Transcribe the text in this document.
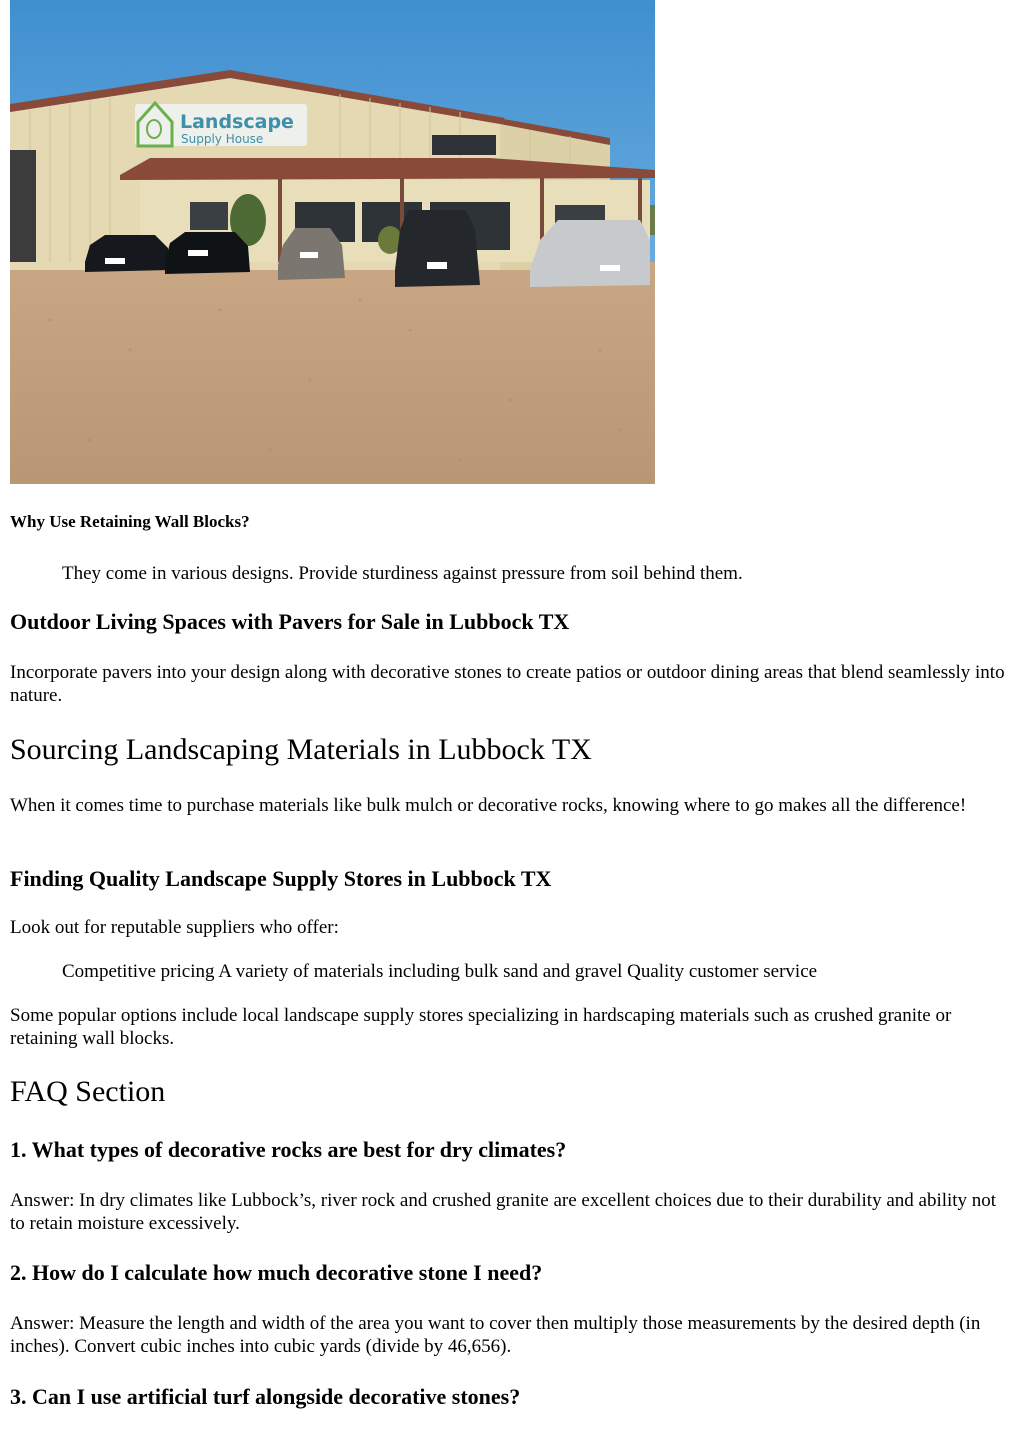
Landscape
Supply House
Why Use Retaining Wall Blocks?

They come in various designs. Provide sturdiness against pressure from soil behind them.

Outdoor Living Spaces with Pavers for Sale in Lubbock TX

Incorporate pavers into your design along with decorative stones to create patios or outdoor dining areas that blend seamlessly into nature.

Sourcing Landscaping Materials in Lubbock TX

When it comes time to purchase materials like bulk mulch or decorative rocks, knowing where to go makes all the difference!

Finding Quality Landscape Supply Stores in Lubbock TX

Look out for reputable suppliers who offer:

Competitive pricing A variety of materials including bulk sand and gravel Quality customer service

Some popular options include local landscape supply stores specializing in hardscaping materials such as crushed granite or retaining wall blocks.

FAQ Section
1. What types of decorative rocks are best for dry climates?

Answer: In dry climates like Lubbock’s, river rock and crushed granite are excellent choices due to their durability and ability not to retain moisture excessively.

2. How do I calculate how much decorative stone I need?

Answer: Measure the length and width of the area you want to cover then multiply those measurements by the desired depth (in inches). Convert cubic inches into cubic yards (divide by 46,656).

3. Can I use artificial turf alongside decorative stones?
